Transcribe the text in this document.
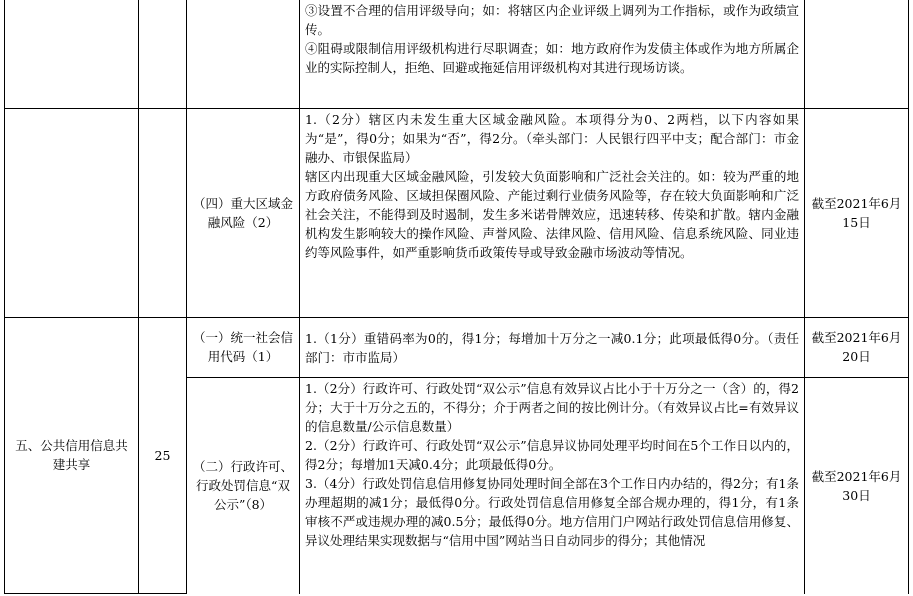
			③设置不合理的信用评级导向；如：将辖区内企业评级上调列为工作指标，或作为政绩宣传。
④阻碍或限制信用评级机构进行尽职调查；如：地方政府作为发债主体或作为地方所属企业的实际控制人，拒绝、回避或拖延信用评级机构对其进行现场访谈。	

		（四）重大区域金融风险（2）	1.（2分）辖区内未发生重大区域金融风险。本项得分为0、2两档，以下内容如果为“是”，得0分；如果为“否”，得2分。（牵头部门：人民银行四平中支；配合部门：市金融办、市银保监局）
辖区内出现重大区域金融风险，引发较大负面影响和广泛社会关注的。如：较为严重的地方政府债务风险、区域担保圈风险、产能过剩行业债务风险等，存在较大负面影响和广泛社会关注，不能得到及时遏制，发生多米诺骨牌效应，迅速转移、传染和扩散。辖内金融机构发生影响较大的操作风险、声誉风险、法律风险、信用风险、信息系统风险、同业违约等风险事件，如严重影响货币政策传导或导致金融市场波动等情况。	截至2021年6月15日

五、公共信用信息共建共享	25	（一）统一社会信用代码（1）	1.（1分）重错码率为0的，得1分；每增加十万分之一减0.1分；此项最低得0分。（责任部门：市市监局）	截至2021年6月20日

		（二）行政许可、行政处罚信息“双公示”（8）	1.（2分）行政许可、行政处罚“双公示”信息有效异议占比小于十万分之一（含）的，得2分；大于十万分之五的，不得分；介于两者之间的按比例计分。（有效异议占比=有效异议的信息数量/公示信息数量）
2.（2分）行政许可、行政处罚“双公示”信息异议协同处理平均时间在5个工作日以内的，得2分；每增加1天减0.4分；此项最低得0分。
3.（4分）行政处罚信息信用修复协同处理时间全部在3个工作日内办结的，得2分；有1条办理超期的减1分；最低得0分。行政处罚信息信用修复全部合规办理的，得1分，有1条审核不严或违规办理的减0.5分；最低得0分。地方信用门户网站行政处罚信息信用修复、异议处理结果实现数据与“信用中国”网站当日自动同步的得分；其他情况	截至2021年6月30日
